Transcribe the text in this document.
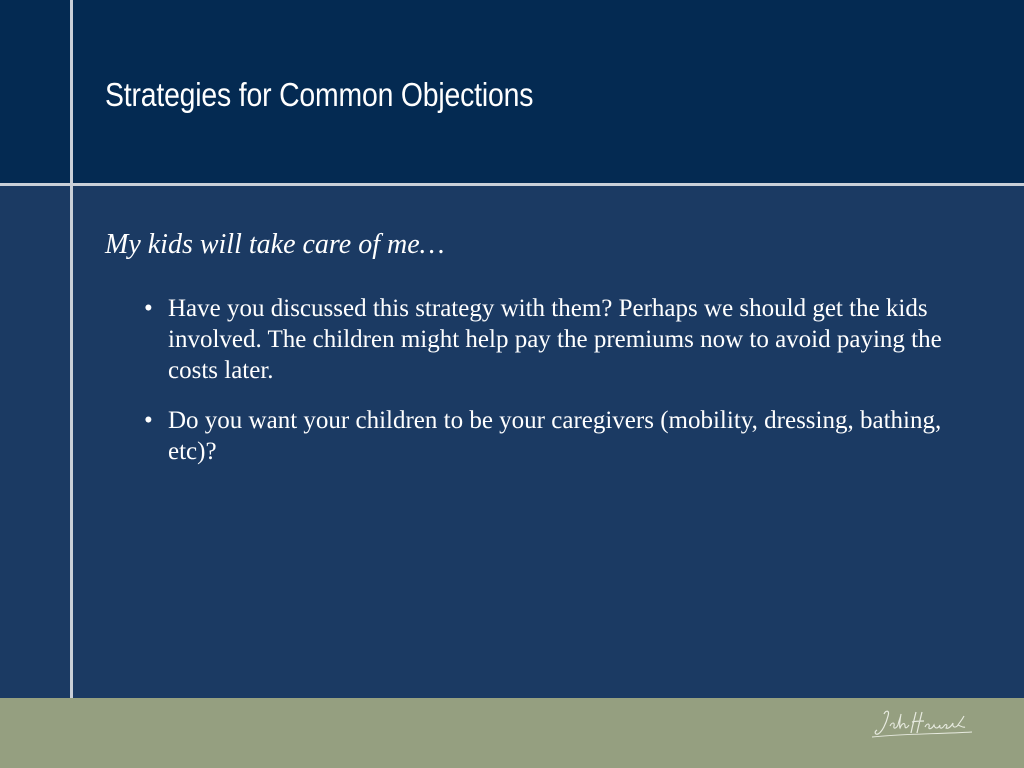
Strategies for Common Objections

My kids will take care of me…

• Have you discussed this strategy with them? Perhaps we should get the kids involved. The children might help pay the premiums now to avoid paying the costs later.
• Do you want your children to be your caregivers (mobility, dressing, bathing, etc)?
